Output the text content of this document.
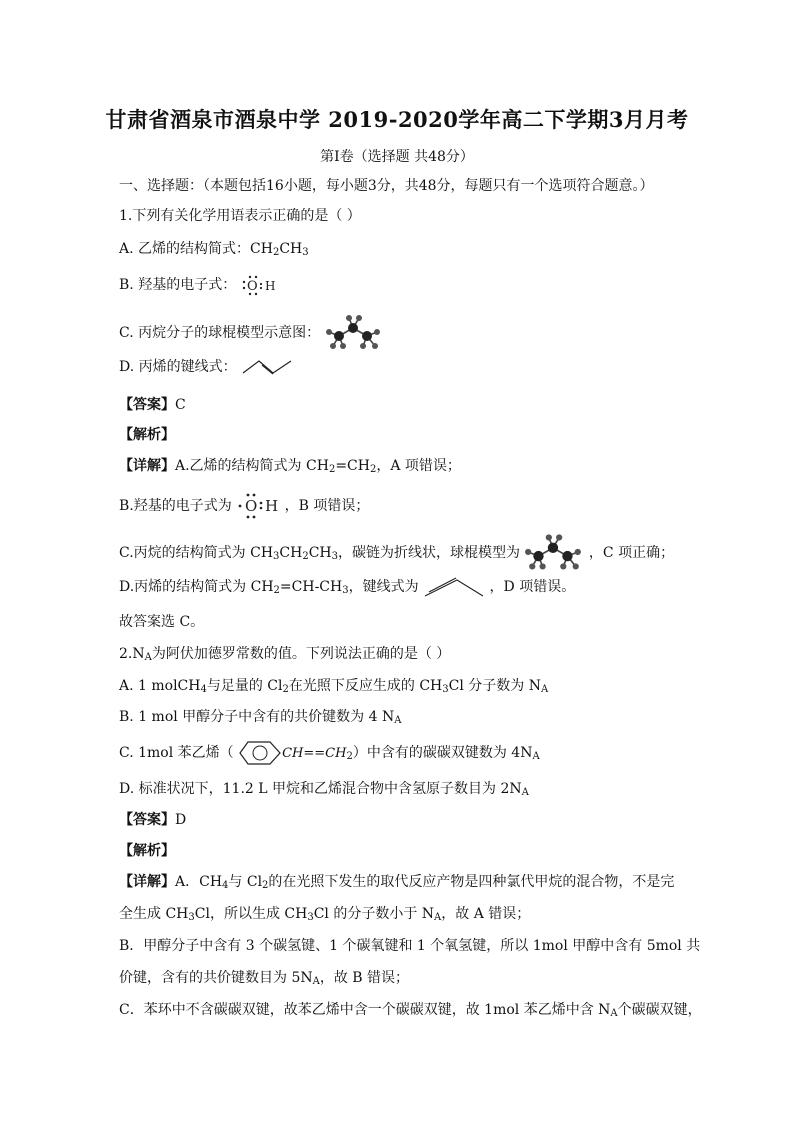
甘肃省酒泉市酒泉中学 2019-2020学年高二下学期3月月考
第I卷（选择题 共48分）
一、选择题：（本题包括16小题，每小题3分，共48分，每题只有一个选项符合题意。）
1.下列有关化学用语表示正确的是（ ）
A. 乙烯的结构简式：$CH_2CH_3$
B. 羟基的电子式： O H
C. 丙烷分子的球棍模型示意图：
D. 丙烯的键线式：
【答案】C
【解析】
【详解】A.乙烯的结构简式为 $CH_2=CH_2$，A 项错误；
B.羟基的电子式为 O H ，B 项错误；
C.丙烷的结构简式为 $CH_3CH_2CH_3$，碳链为折线状，球棍模型为	，C 项正确；
D.丙烯的结构简式为 $CH_2=CH-CH_3$，键线式为	，D 项错误。
故答案选 C。
$2.N_A$为阿伏加德罗常数的值。下列说法正确的是（ ）
A. 1 molCH$_4$与足量的 $Cl_2$在光照下反应生成的 $CH_3Cl$ 分子数为 $N_A$
B. 1 mol 甲醇分子中含有的共价键数为 4 $N_A$
C. 1mol 苯乙烯（	$CH==CH_2$）中含有的碳碳双键数为 $4N_A$
D. 标准状况下，11.2 L 甲烷和乙烯混合物中含氢原子数目为 $2N_A$
【答案】D
【解析】
【详解】A．$CH_4$与 $Cl_2$的在光照下发生的取代反应产物是四种氯代甲烷的混合物，不是完
全生成 $CH_3Cl$，所以生成 $CH_3Cl$ 的分子数小于 $N_A$，故 A 错误；
B．甲醇分子中含有 3 个碳氢键、1 个碳氧键和 1 个氧氢键，所以 1mol 甲醇中含有 5mol 共
价键，含有的共价键数目为 $5N_A$，故 B 错误；
C．苯环中不含碳碳双键，故苯乙烯中含一个碳碳双键，故 1mol 苯乙烯中含 $N_A$个碳碳双键，
